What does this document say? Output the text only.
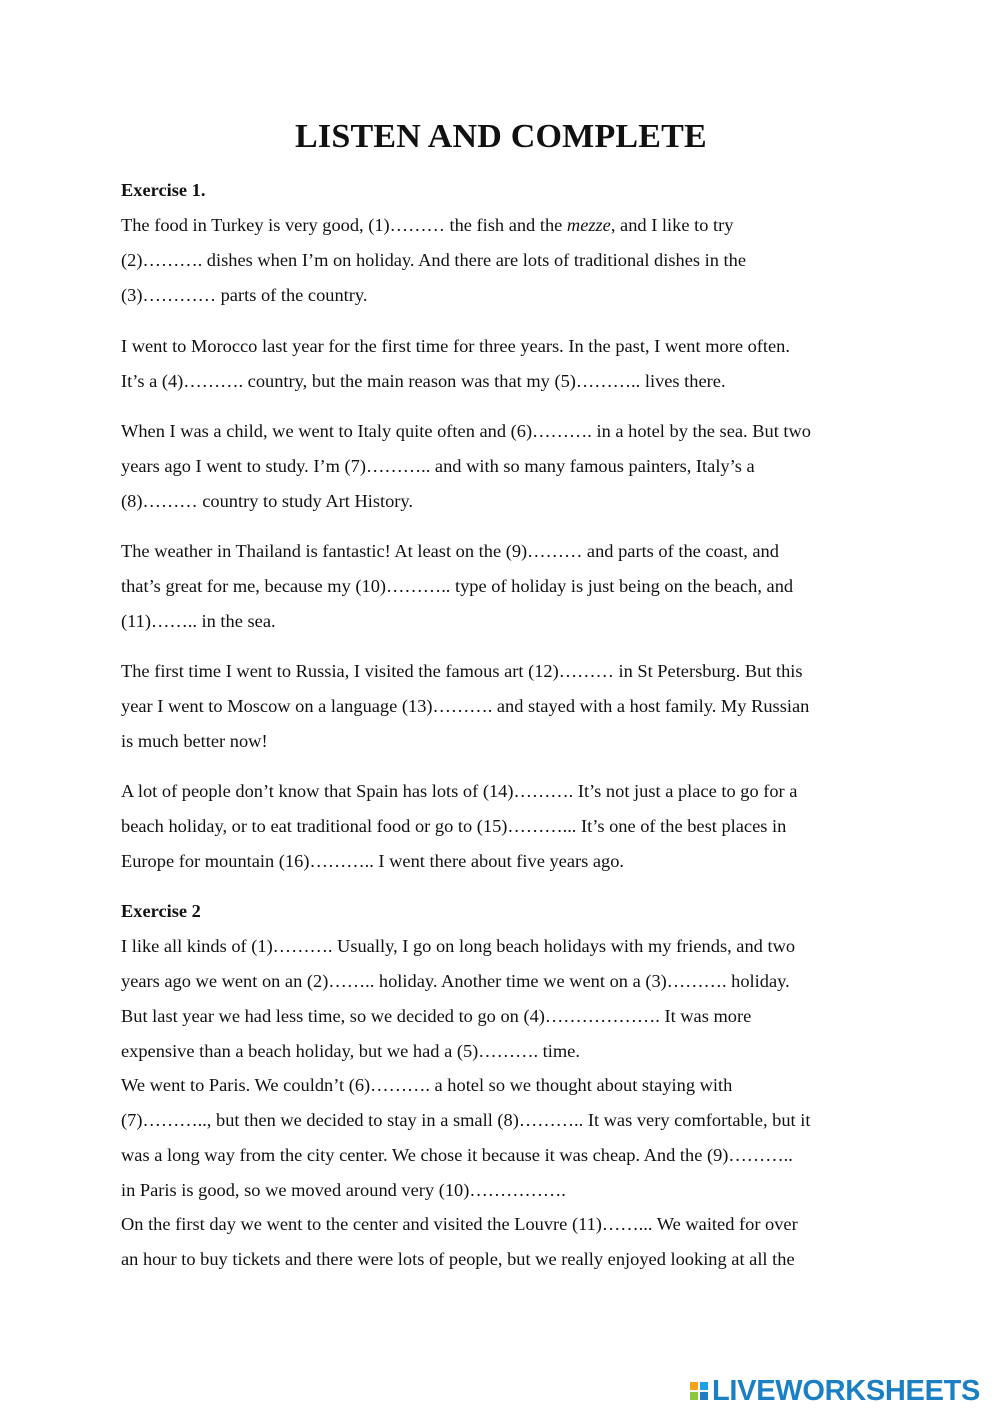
LISTEN AND COMPLETE

Exercise 1.

The food in Turkey is very good, (1)……… the fish and the mezze, and I like to try

(2)………. dishes when I’m on holiday. And there are lots of traditional dishes in the

(3)………… parts of the country.

I went to Morocco last year for the first time for three years. In the past, I went more often.

It’s a (4)………. country, but the main reason was that my (5)……….. lives there.

When I was a child, we went to Italy quite often and (6)………. in a hotel by the sea. But two

years ago I went to study. I’m (7)……….. and with so many famous painters, Italy’s a

(8)……… country to study Art History.

The weather in Thailand is fantastic! At least on the (9)……… and parts of the coast, and

that’s great for me, because my (10)……….. type of holiday is just being on the beach, and

(11)…….. in the sea.

The first time I went to Russia, I visited the famous art (12)……… in St Petersburg. But this

year I went to Moscow on a language (13)………. and stayed with a host family. My Russian

is much better now!

A lot of people don’t know that Spain has lots of (14)………. It’s not just a place to go for a

beach holiday, or to eat traditional food or go to (15)………... It’s one of the best places in

Europe for mountain (16)……….. I went there about five years ago.

Exercise 2

I like all kinds of (1)………. Usually, I go on long beach holidays with my friends, and two

years ago we went on an (2)…….. holiday. Another time we went on a (3)………. holiday.

But last year we had less time, so we decided to go on (4)………………. It was more

expensive than a beach holiday, but we had a (5)………. time.

We went to Paris. We couldn’t (6)………. a hotel so we thought about staying with

(7)……….., but then we decided to stay in a small (8)……….. It was very comfortable, but it

was a long way from the city center. We chose it because it was cheap. And the (9)………..

in Paris is good, so we moved around very (10)…………….

On the first day we went to the center and visited the Louvre (11)……... We waited for over

an hour to buy tickets and there were lots of people, but we really enjoyed looking at all the

LIVEWORKSHEETS
